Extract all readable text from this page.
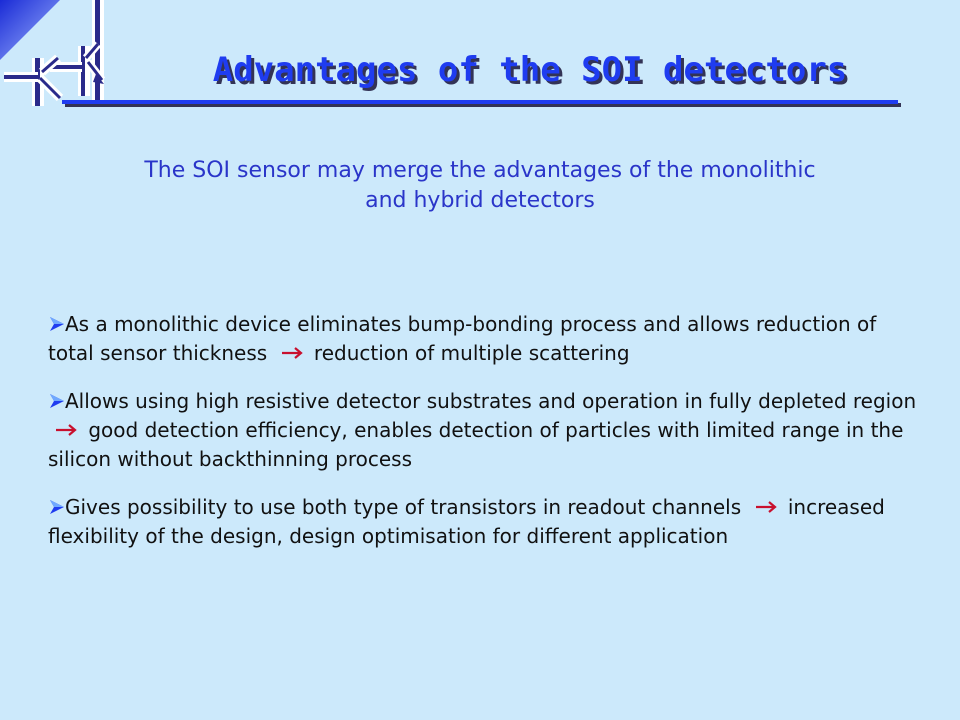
Advantages of the SOI detectors

The SOI sensor may merge the advantages of the monolithic
and hybrid detectors

As a monolithic device eliminates bump-bonding process and allows reduction of total sensor thickness  reduction of multiple scattering

Allows using high resistive detector substrates and operation in fully depleted region  good detection efficiency, enables detection of particles with limited range in the silicon without backthinning process

Gives possibility to use both type of transistors in readout channels  increased flexibility of the design, design optimisation for different application
